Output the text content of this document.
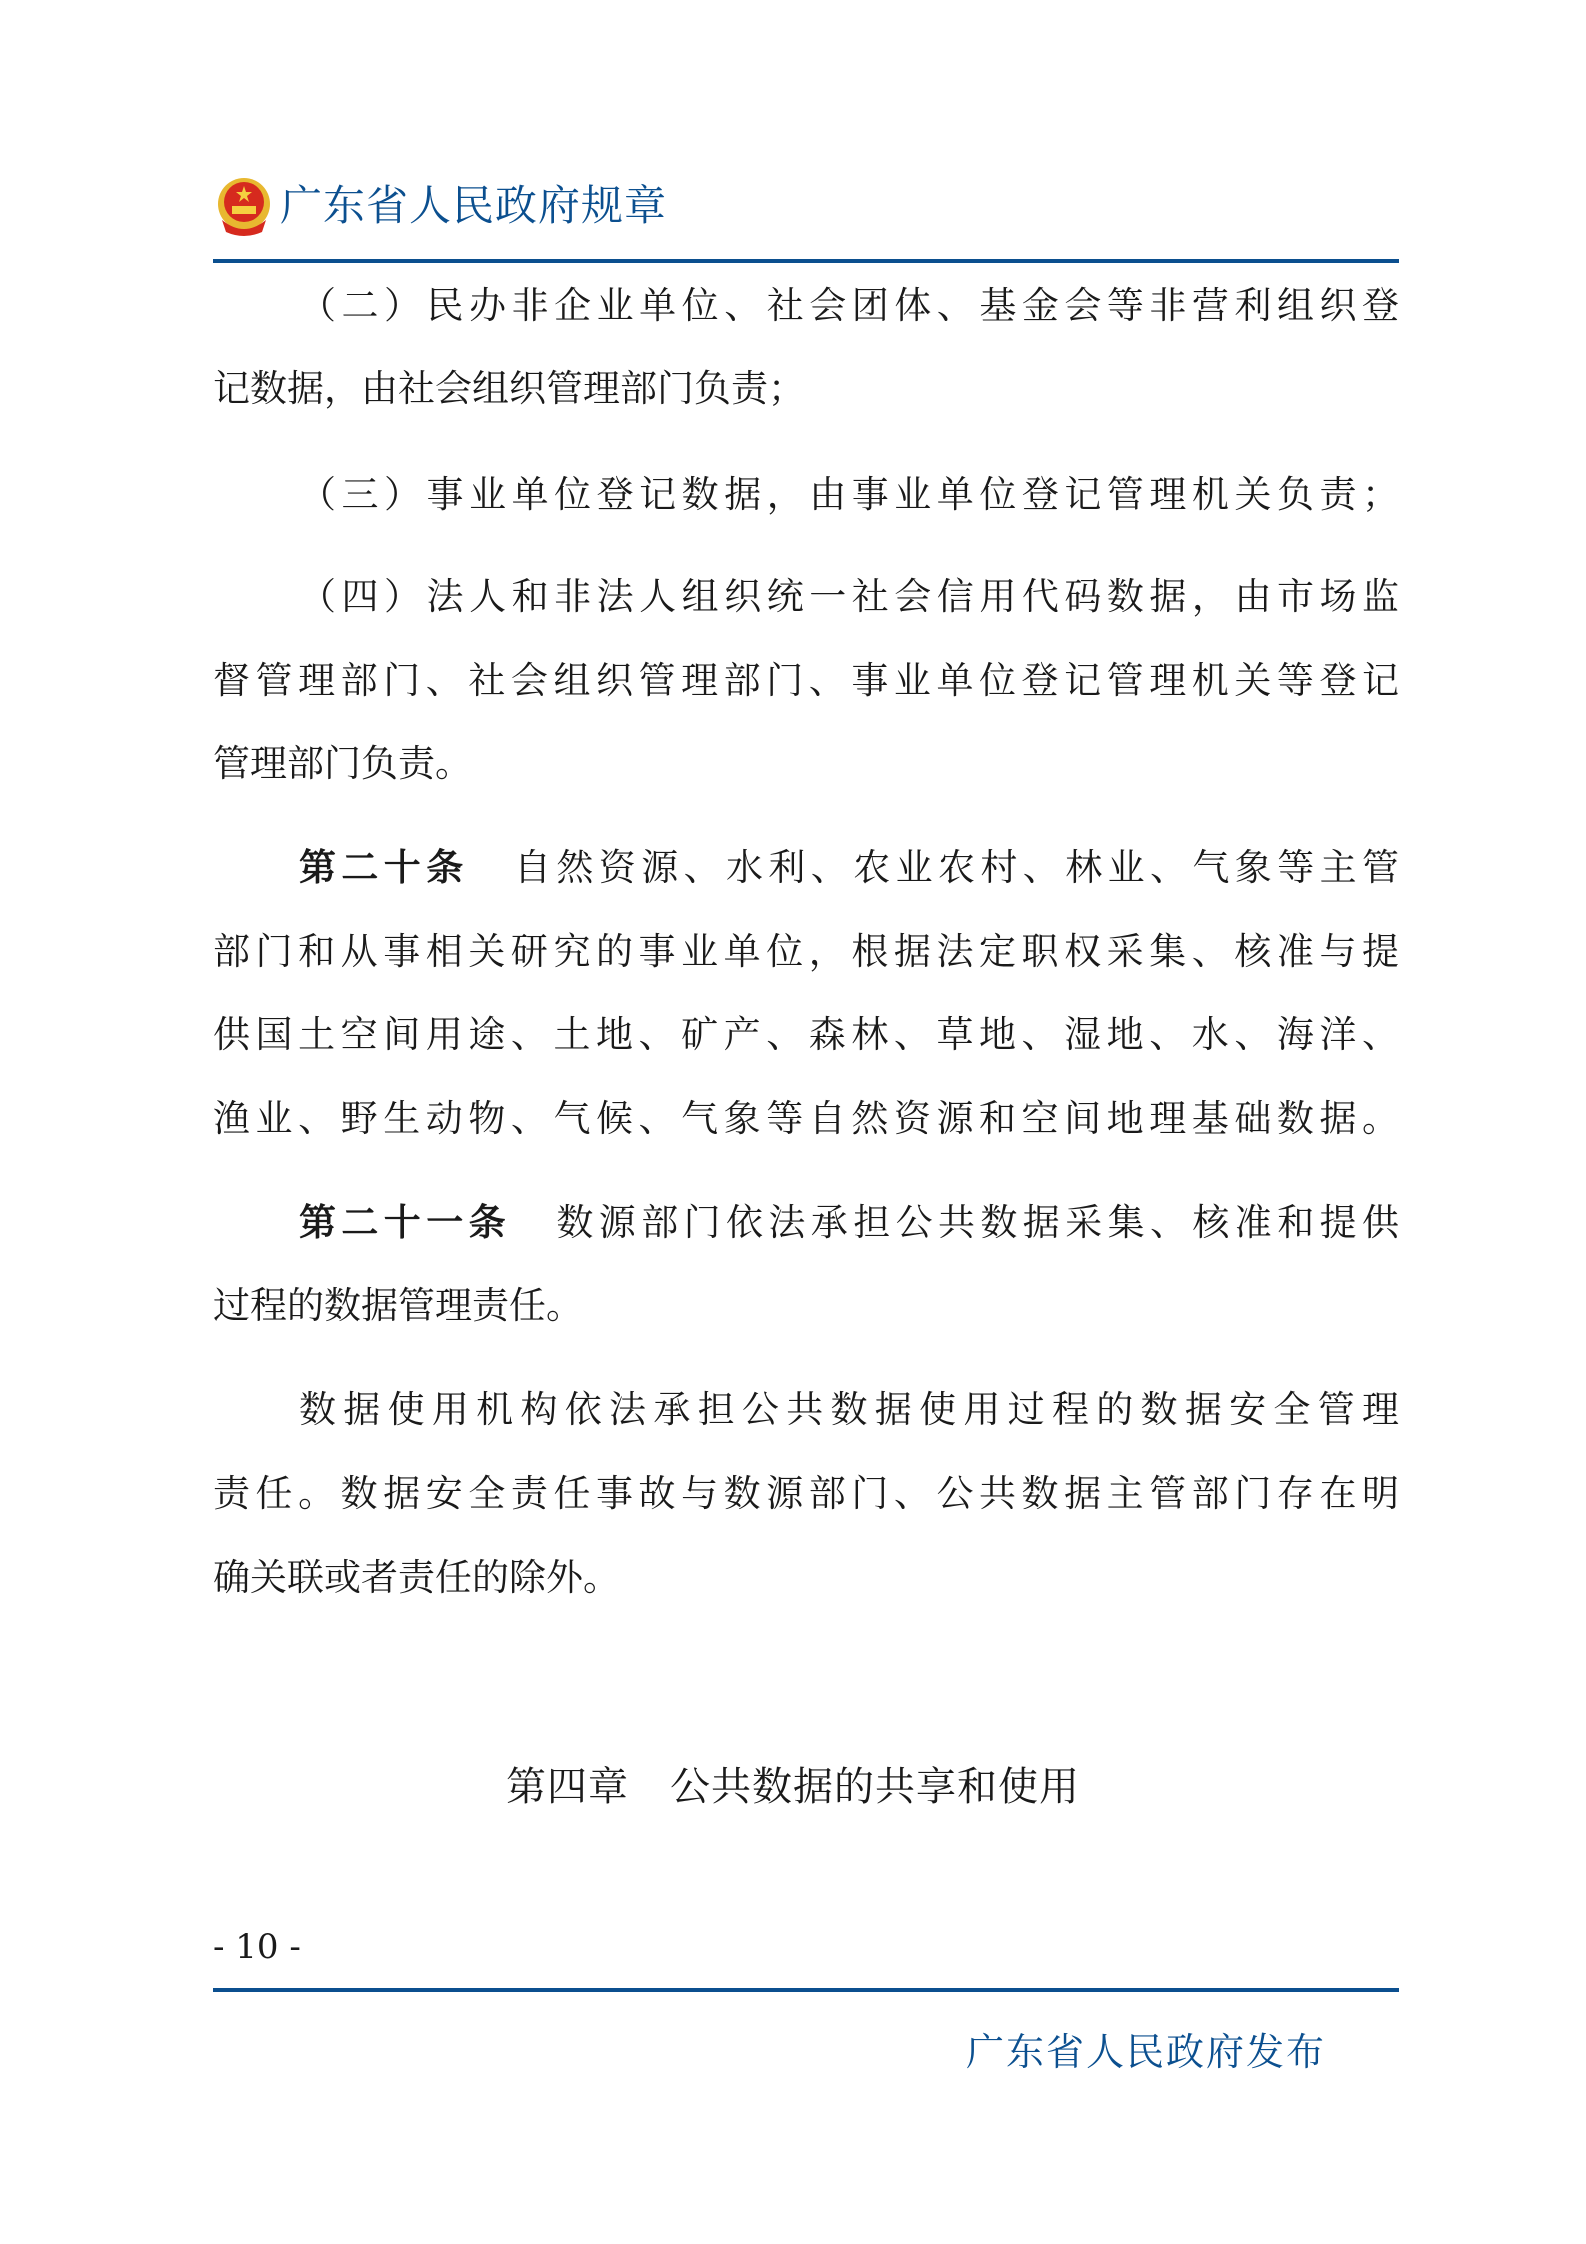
广东省人民政府规章
（二）民办非企业单位、社会团体、基金会等非营利组织登
记数据，由社会组织管理部门负责；
（三）事业单位登记数据，由事业单位登记管理机关负责；
（四）法人和非法人组织统一社会信用代码数据，由市场监
督管理部门、社会组织管理部门、事业单位登记管理机关等登记
管理部门负责。
第二十条 自然资源、水利、农业农村、林业、气象等主管
部门和从事相关研究的事业单位，根据法定职权采集、核准与提
供国土空间用途、土地、矿产、森林、草地、湿地、水、海洋、
渔业、野生动物、气候、气象等自然资源和空间地理基础数据。
第二十一条 数源部门依法承担公共数据采集、核准和提供
过程的数据管理责任。
数据使用机构依法承担公共数据使用过程的数据安全管理
责任。数据安全责任事故与数源部门、公共数据主管部门存在明
确关联或者责任的除外。
第四章　公共数据的共享和使用
- 10 -
广东省人民政府发布
